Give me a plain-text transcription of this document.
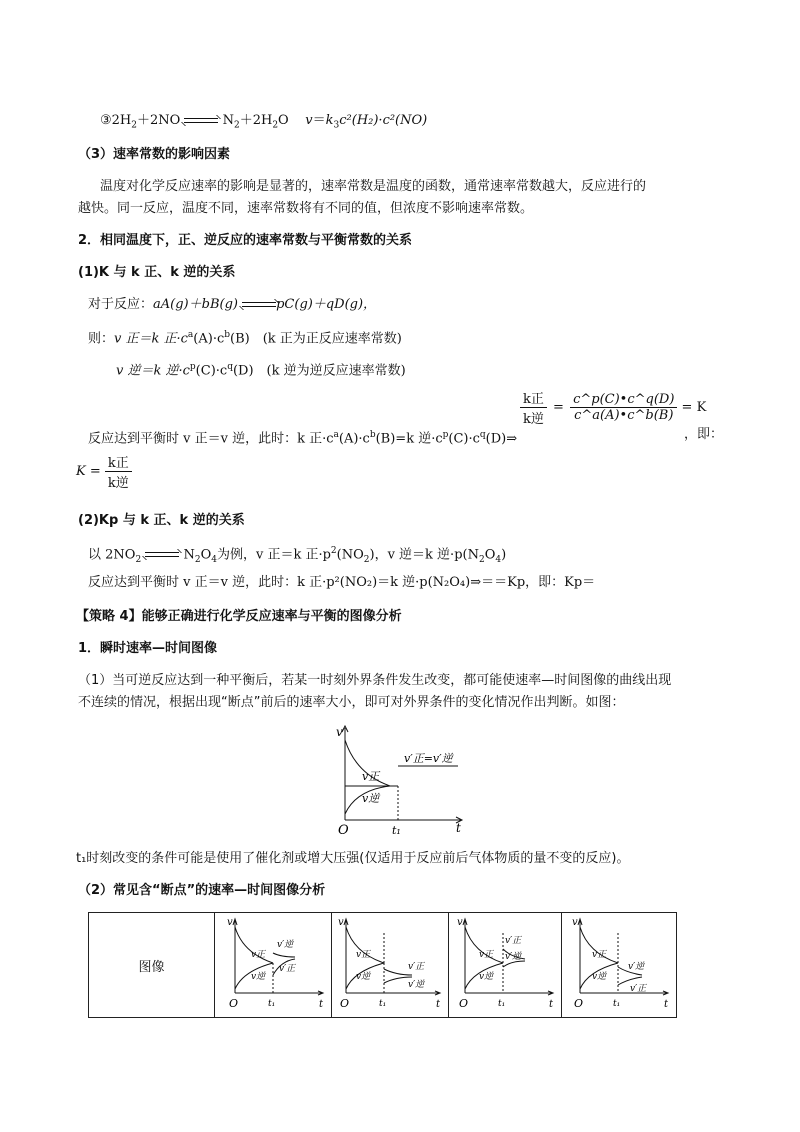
$③2H_2+2NO$	$N_2+2H_2O$ $v=k_3c^2(H_2)\cdot c^2(NO)$
（3）速率常数的影响因素
温度对化学反应速率的影响是显著的，速率常数是温度的函数，通常速率常数越大，反应进行的
越快。同一反应，温度不同，速率常数将有不同的值，但浓度不影响速率常数。
2．相同温度下，正、逆反应的速率常数与平衡常数的关系
(1)K 与 k 正、k 逆的关系
对于反应：aA(g)＋bB(g)	pC(g)＋qD(g)，
则：v 正＝k 正$\cdot c^a(A)\cdot c^b(B)$　(k 正为正反应速率常数)
v 逆＝k 逆$\cdot c^p(C)\cdot c^q(D)$　(k 逆为逆反应速率常数)
反应达到平衡时 v 正＝v 逆，此时：k 正$\cdot c^a(A)\cdot c^b(B)=k$ 逆$\cdot c^p(C)\cdot c^q(D)\Rightarrow$
$\frac{\text{k正}}{\text{k逆}} = \frac{c\^{}p(C)•c\^{}q(D)}{c\^{}a(A)•c\^{}b(B)} = K$
，即：
$K = \frac{\text{k正}}{\text{k逆}}$
(2)Kp 与 k 正、k 逆的关系
以 $2NO_2$	$N_2O_4$为例，v 正＝k 正$\cdot p^2(NO_2)$，v 逆＝k 逆$\cdot p(N_2O_4)$
反应达到平衡时 v 正＝v 逆，此时：k 正·p²(NO₂)＝k 逆·p(N₂O₄)⇒＝＝Kp，即：Kp＝
【策略 4】能够正确进行化学反应速率与平衡的图像分析
1．瞬时速率—时间图像
（1）当可逆反应达到一种平衡后，若某一时刻外界条件发生改变，都可能使速率—时间图像的曲线出现
不连续的情况，根据出现“断点”前后的速率大小，即可对外界条件的变化情况作出判断。如图：
v
t
O	t₁
v正
v逆
v′正=v′逆
t₁时刻改变的条件可能是使用了催化剂或增大压强(仅适用于反应前后气体物质的量不变的反应)。
（2）常见含“断点”的速率—时间图像分析
图像	
v
t
O	t₁
v正
v逆
v′逆
v′正

v
t
O	t₁
v正
v逆
v′正
v′逆

v
t
O	t₁
v正
v逆
v′正
v′逆

v
t
O	t₁
v正
v逆
v′逆
v′正
